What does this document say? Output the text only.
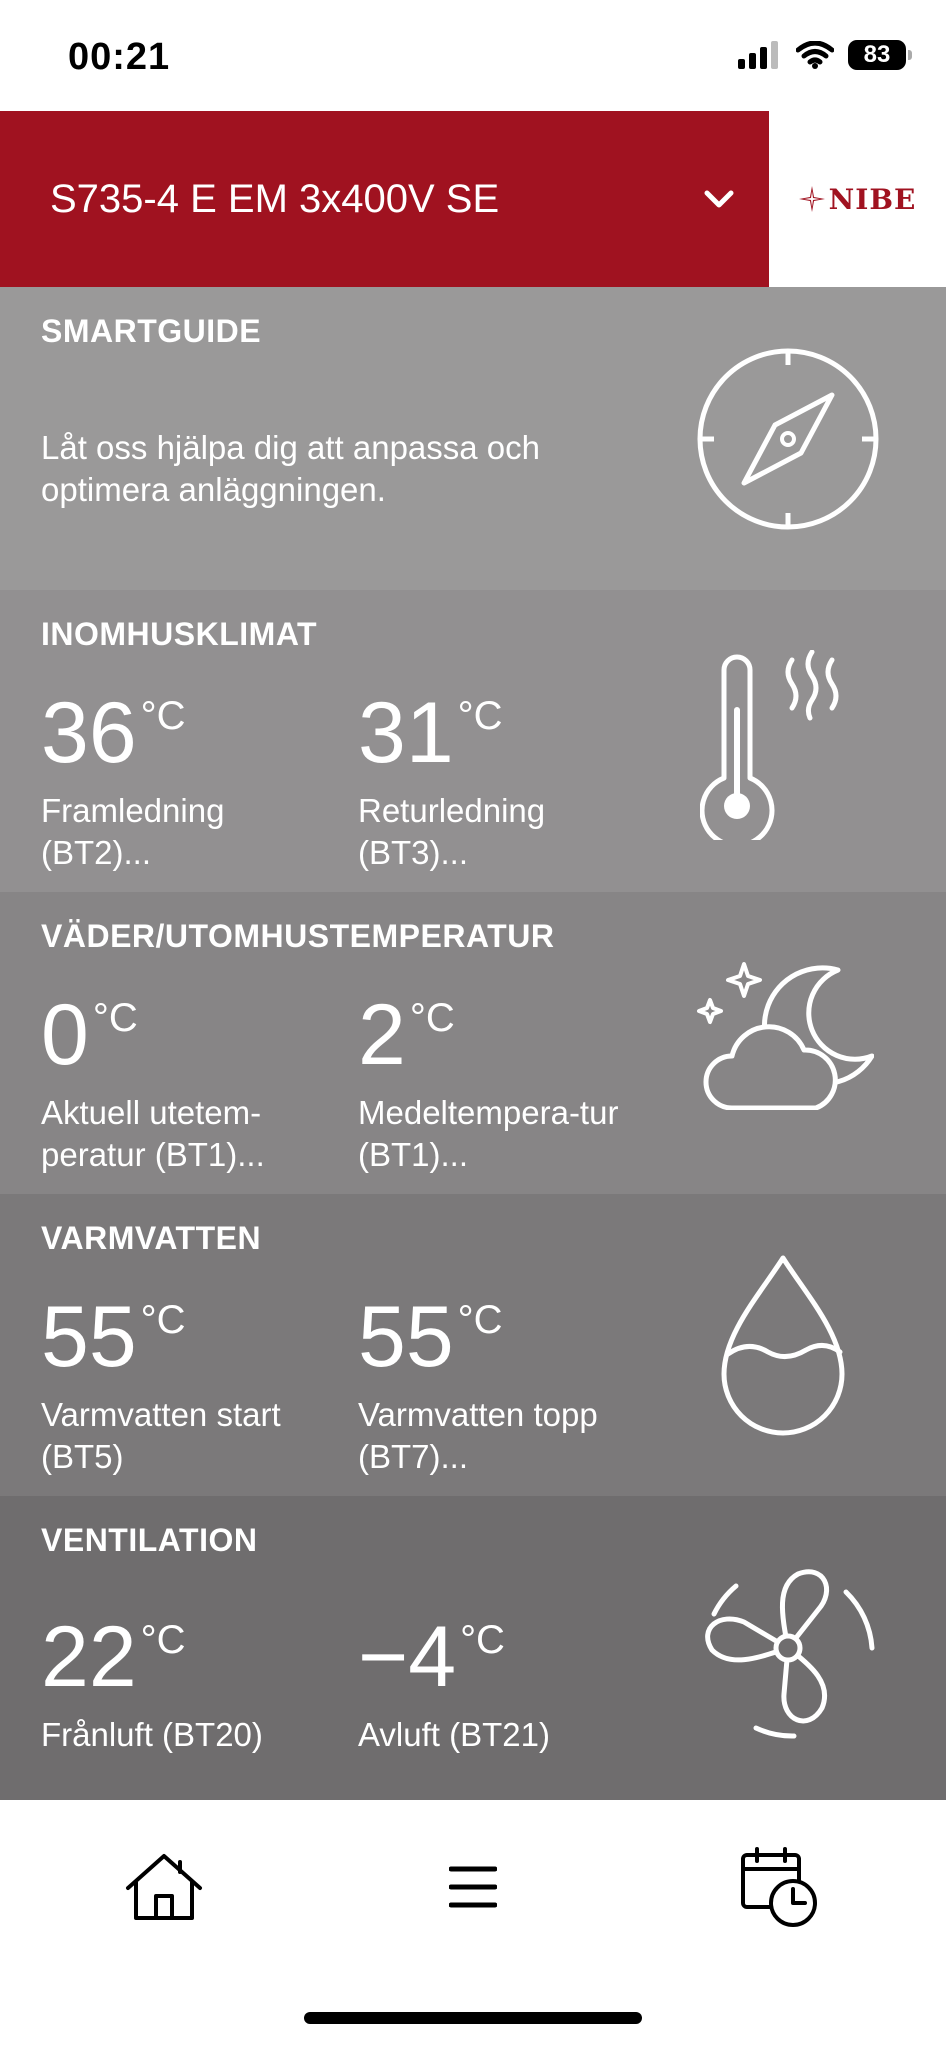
00:21	83
S735-4 E EM 3x400V SE	NIBE
SMARTGUIDE
Låt oss hjälpa dig att anpassa och optimera anläggningen.
INOMHUSKLIMAT
36 °C
Framledning (BT2)...
31 °C
Returledning (BT3)...
VÄDER/UTOMHUSTEMPERATUR
0 °C
Aktuell utetem-peratur (BT1)...
2 °C
Medeltempera-tur (BT1)...
VARMVATTEN
55 °C
Varmvatten start (BT5)
55 °C
Varmvatten topp (BT7)...
VENTILATION
22 °C
Frånluft (BT20)
−4 °C
Avluft (BT21)
